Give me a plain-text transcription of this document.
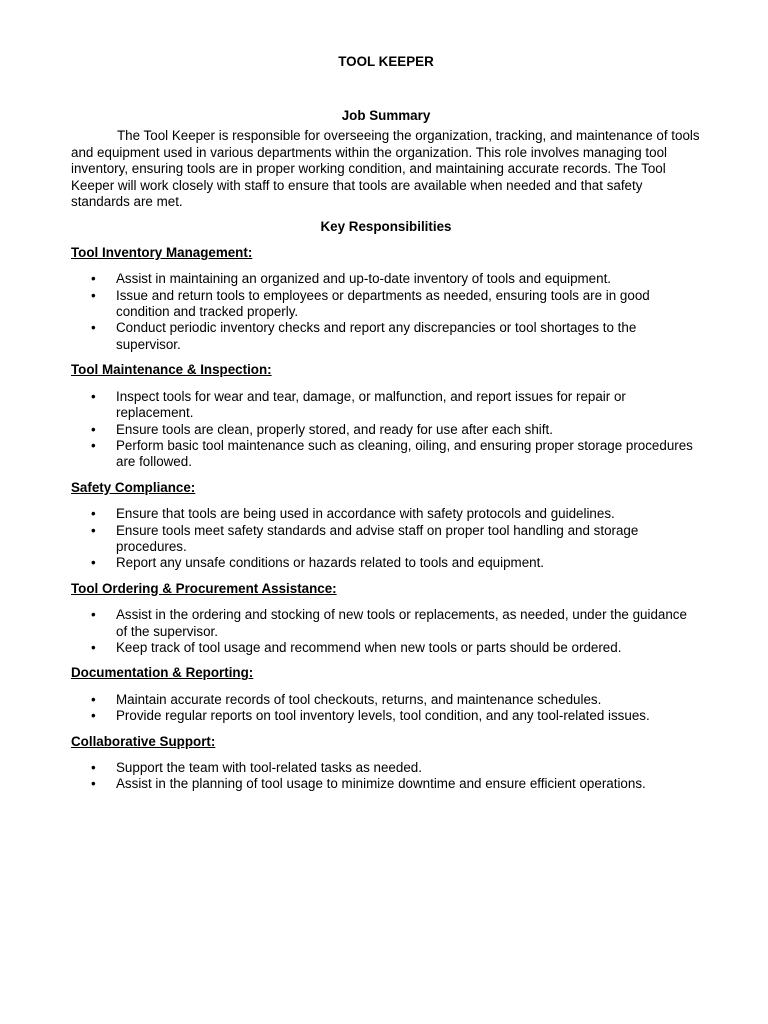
TOOL KEEPER

Job Summary

The Tool Keeper is responsible for overseeing the organization, tracking, and maintenance of tools and equipment used in various departments within the organization. This role involves managing tool inventory, ensuring tools are in proper working condition, and maintaining accurate records. The Tool Keeper will work closely with staff to ensure that tools are available when needed and that safety standards are met.

Key Responsibilities

Tool Inventory Management:

• Assist in maintaining an organized and up-to-date inventory of tools and equipment.
• Issue and return tools to employees or departments as needed, ensuring tools are in good condition and tracked properly.
• Conduct periodic inventory checks and report any discrepancies or tool shortages to the supervisor.

Tool Maintenance & Inspection:

• Inspect tools for wear and tear, damage, or malfunction, and report issues for repair or replacement.
• Ensure tools are clean, properly stored, and ready for use after each shift.
• Perform basic tool maintenance such as cleaning, oiling, and ensuring proper storage procedures are followed.

Safety Compliance:

• Ensure that tools are being used in accordance with safety protocols and guidelines.
• Ensure tools meet safety standards and advise staff on proper tool handling and storage procedures.
• Report any unsafe conditions or hazards related to tools and equipment.

Tool Ordering & Procurement Assistance:

• Assist in the ordering and stocking of new tools or replacements, as needed, under the guidance of the supervisor.
• Keep track of tool usage and recommend when new tools or parts should be ordered.

Documentation & Reporting:

• Maintain accurate records of tool checkouts, returns, and maintenance schedules.
• Provide regular reports on tool inventory levels, tool condition, and any tool-related issues.

Collaborative Support:

• Support the team with tool-related tasks as needed.
• Assist in the planning of tool usage to minimize downtime and ensure efficient operations.
